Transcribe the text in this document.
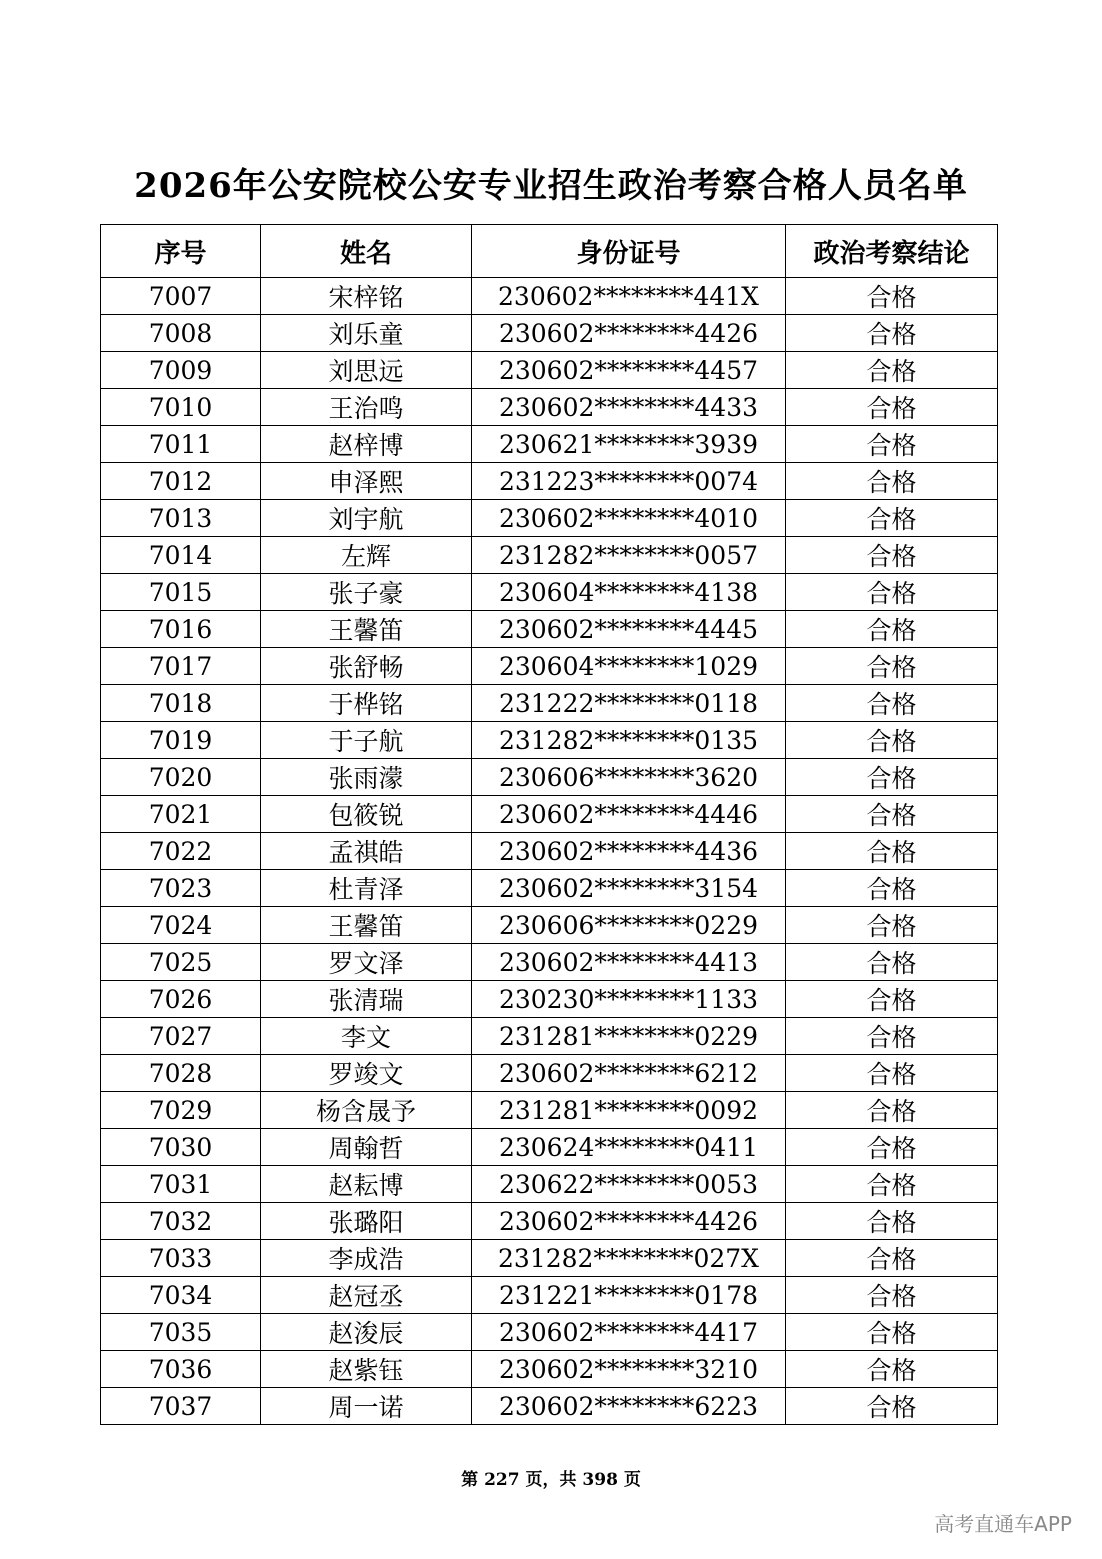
2026年公安院校公安专业招生政治考察合格人员名单
序号	姓名	身份证号	政治考察结论
7007	宋梓铭	230602********441X	合格
7008	刘乐童	230602********4426	合格
7009	刘思远	230602********4457	合格
7010	王治鸣	230602********4433	合格
7011	赵梓博	230621********3939	合格
7012	申泽熙	231223********0074	合格
7013	刘宇航	230602********4010	合格
7014	左辉	231282********0057	合格
7015	张子豪	230604********4138	合格
7016	王馨笛	230602********4445	合格
7017	张舒畅	230604********1029	合格
7018	于桦铭	231222********0118	合格
7019	于子航	231282********0135	合格
7020	张雨濛	230606********3620	合格
7021	包筱锐	230602********4446	合格
7022	孟祺皓	230602********4436	合格
7023	杜青泽	230602********3154	合格
7024	王馨笛	230606********0229	合格
7025	罗文泽	230602********4413	合格
7026	张清瑞	230230********1133	合格
7027	李文	231281********0229	合格
7028	罗竣文	230602********6212	合格
7029	杨含晟予	231281********0092	合格
7030	周翰哲	230624********0411	合格
7031	赵耘博	230622********0053	合格
7032	张璐阳	230602********4426	合格
7033	李成浩	231282********027X	合格
7034	赵冠丞	231221********0178	合格
7035	赵浚辰	230602********4417	合格
7036	赵紫钰	230602********3210	合格
7037	周一诺	230602********6223	合格
第 227 页，共 398 页
高考直通车APP
